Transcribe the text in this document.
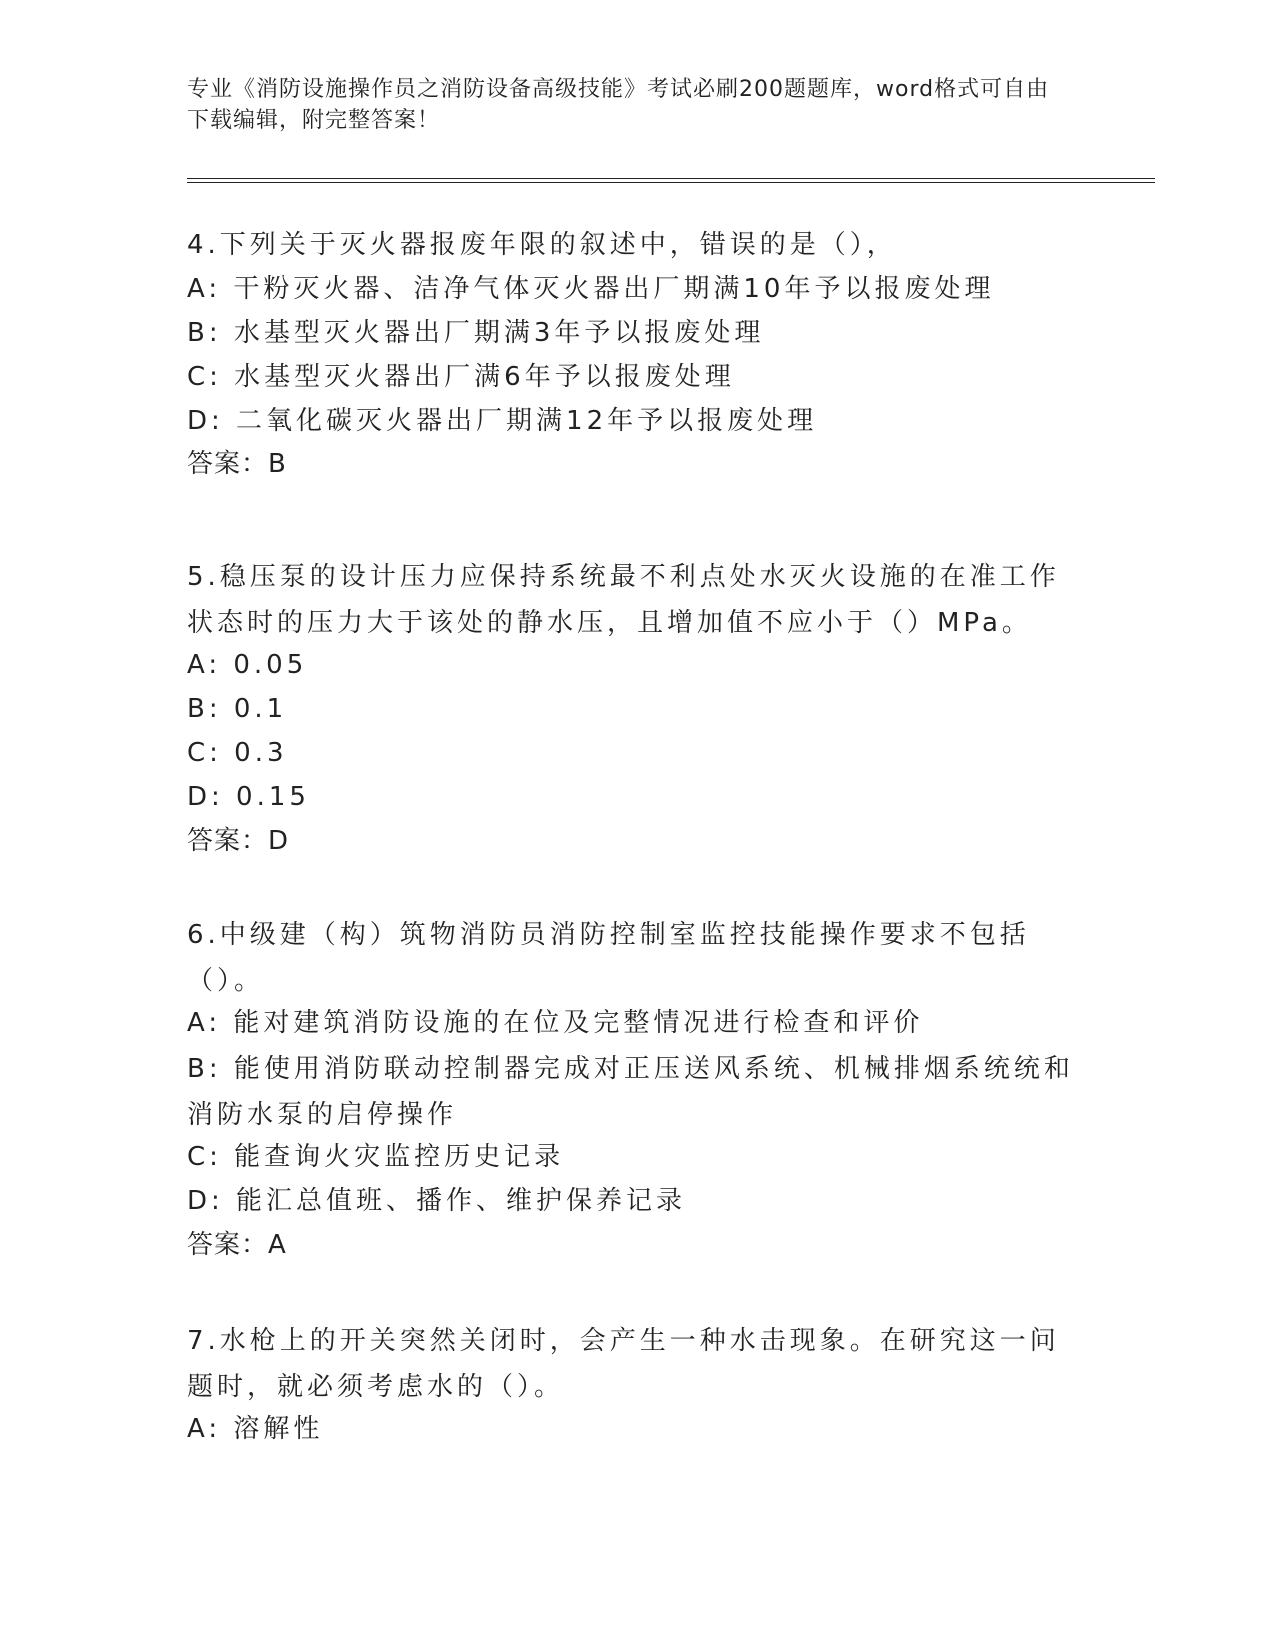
专业《消防设施操作员之消防设备高级技能》考试必刷200题题库，word格式可自由下载编辑，附完整答案！
4.下列关于灭火器报废年限的叙述中，错误的是（），
A: 干粉灭火器、洁净气体灭火器出厂期满10年予以报废处理
B: 水基型灭火器出厂期满3年予以报废处理
C: 水基型灭火器出厂满6年予以报废处理
D: 二氧化碳灭火器出厂期满12年予以报废处理
答案：B
5.稳压泵的设计压力应保持系统最不利点处水灭火设施的在准工作状态时的压力大于该处的静水压，且增加值不应小于（）MPa。
A: 0.05
B: 0.1
C: 0.3
D: 0.15
答案：D
6.中级建（构）筑物消防员消防控制室监控技能操作要求不包括（）。
A: 能对建筑消防设施的在位及完整情况进行检查和评价
B: 能使用消防联动控制器完成对正压送风系统、机械排烟系统统和消防水泵的启停操作
C: 能查询火灾监控历史记录
D: 能汇总值班、播作、维护保养记录
答案：A
7.水枪上的开关突然关闭时，会产生一种水击现象。在研究这一问题时，就必须考虑水的（）。
A: 溶解性
